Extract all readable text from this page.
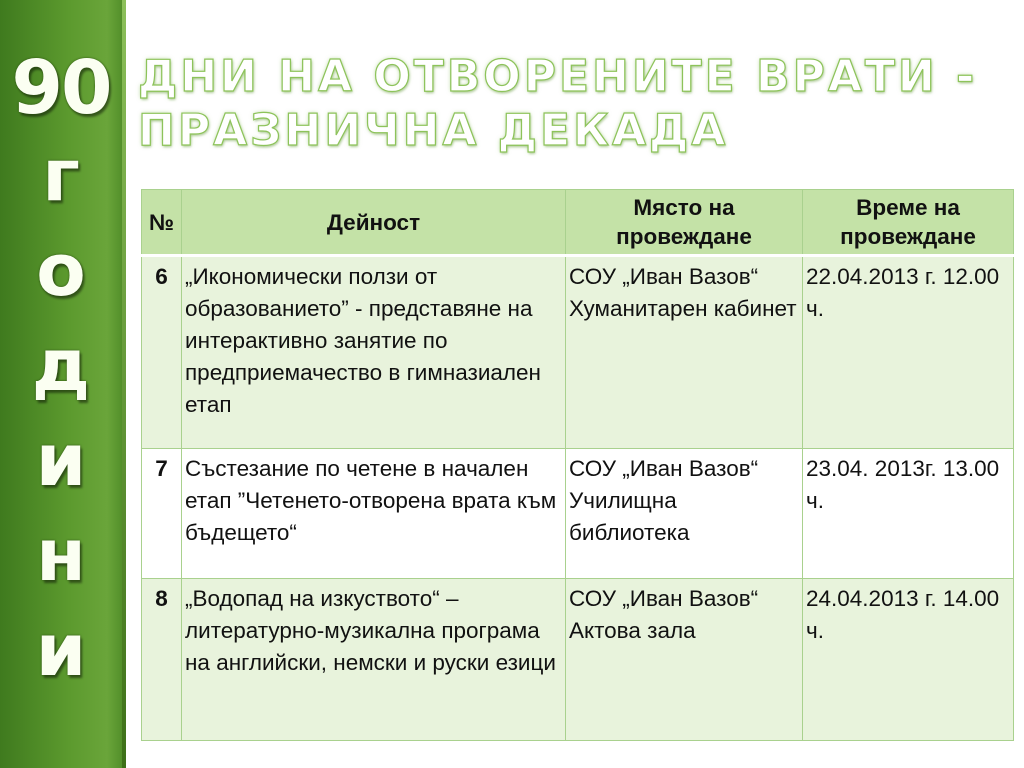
90
г
о
д
и
н
и
ДНИ НА ОТВОРЕНИТЕ ВРАТИ -
ПРАЗНИЧНА ДЕКАДА
№	Дейност	Място на провеждане	Време на провеждане
6	„Икономически ползи от образованието” - представяне на интерактивно занятие по предприемачество в гимназиален етап	СОУ „Иван Вазов“ Хуманитарен кабинет	22.04.2013 г. 12.00 ч.
7	Състезание по четене в начален етап ”Четенето-отворена врата към бъдещето“	СОУ „Иван Вазов“ Училищна библиотека	23.04. 2013г. 13.00 ч.
8	„Водопад на изкуството“ – литературно-музикална програма на английски, немски и руски езици	СОУ „Иван Вазов“ Актова зала	24.04.2013 г. 14.00 ч.
